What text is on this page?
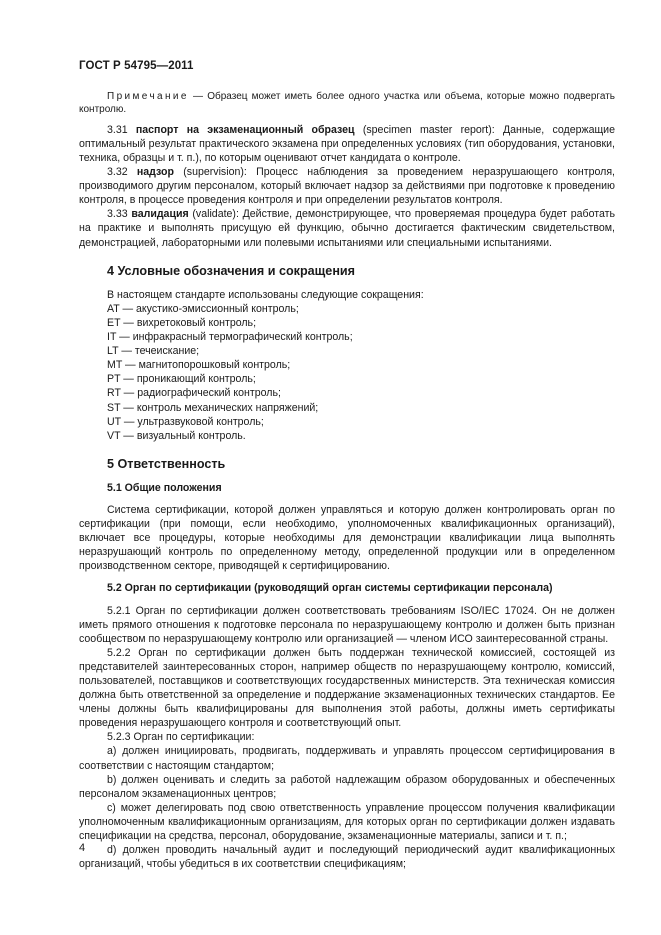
ГОСТ Р 54795—2011

Примечание — Образец может иметь более одного участка или объема, которые можно подвергать контролю.

3.31 паспорт на экзаменационный образец (specimen master report): Данные, содержащие оптимальный результат практического экзамена при определенных условиях (тип оборудования, установки, техника, образцы и т. п.), по которым оценивают отчет кандидата о контроле.

3.32 надзор (supervision): Процесс наблюдения за проведением неразрушающего контроля, производимого другим персоналом, который включает надзор за действиями при подготовке к проведению контроля, в процессе проведения контроля и при определении результатов контроля.

3.33 валидация (validate): Действие, демонстрирующее, что проверяемая процедура будет работать на практике и выполнять присущую ей функцию, обычно достигается фактическим свидетельством, демонстрацией, лабораторными или полевыми испытаниями или специальными испытаниями.

4 Условные обозначения и сокращения

В настоящем стандарте использованы следующие сокращения:

AT — акустико-эмиссионный контроль;

ET — вихретоковый контроль;

IT — инфракрасный термографический контроль;

LT — течеискание;

MT — магнитопорошковый контроль;

PT — проникающий контроль;

RT — радиографический контроль;

ST — контроль механических напряжений;

UT — ультразвуковой контроль;

VT — визуальный контроль.

5 Ответственность
5.1 Общие положения

Система сертификации, которой должен управляться и которую должен контролировать орган по сертификации (при помощи, если необходимо, уполномоченных квалификационных организаций), включает все процедуры, которые необходимы для демонстрации квалификации лица выполнять неразрушающий контроль по определенному методу, определенной продукции или в определенном производственном секторе, приводящей к сертифицированию.

5.2 Орган по сертификации (руководящий орган системы сертификации персонала)

5.2.1 Орган по сертификации должен соответствовать требованиям ISO/IEC 17024. Он не должен иметь прямого отношения к подготовке персонала по неразрушающему контролю и должен быть признан сообществом по неразрушающему контролю или организацией — членом ИСО заинтересованной страны.

5.2.2 Орган по сертификации должен быть поддержан технической комиссией, состоящей из представителей заинтересованных сторон, например обществ по неразрушающему контролю, комиссий, пользователей, поставщиков и соответствующих государственных министерств. Эта техническая комиссия должна быть ответственной за определение и поддержание экзаменационных технических стандартов. Ее члены должны быть квалифицированы для выполнения этой работы, должны иметь сертификаты проведения неразрушающего контроля и соответствующий опыт.

5.2.3 Орган по сертификации:

a) должен инициировать, продвигать, поддерживать и управлять процессом сертифицирования в соответствии с настоящим стандартом;

b) должен оценивать и следить за работой надлежащим образом оборудованных и обеспеченных персоналом экзаменационных центров;

c) может делегировать под свою ответственность управление процессом получения квалификации уполномоченным квалификационным организациям, для которых орган по сертификации должен издавать спецификации на средства, персонал, оборудование, экзаменационные материалы, записи и т. п.;

d) должен проводить начальный аудит и последующий периодический аудит квалификационных организаций, чтобы убедиться в их соответствии спецификациям;

4
